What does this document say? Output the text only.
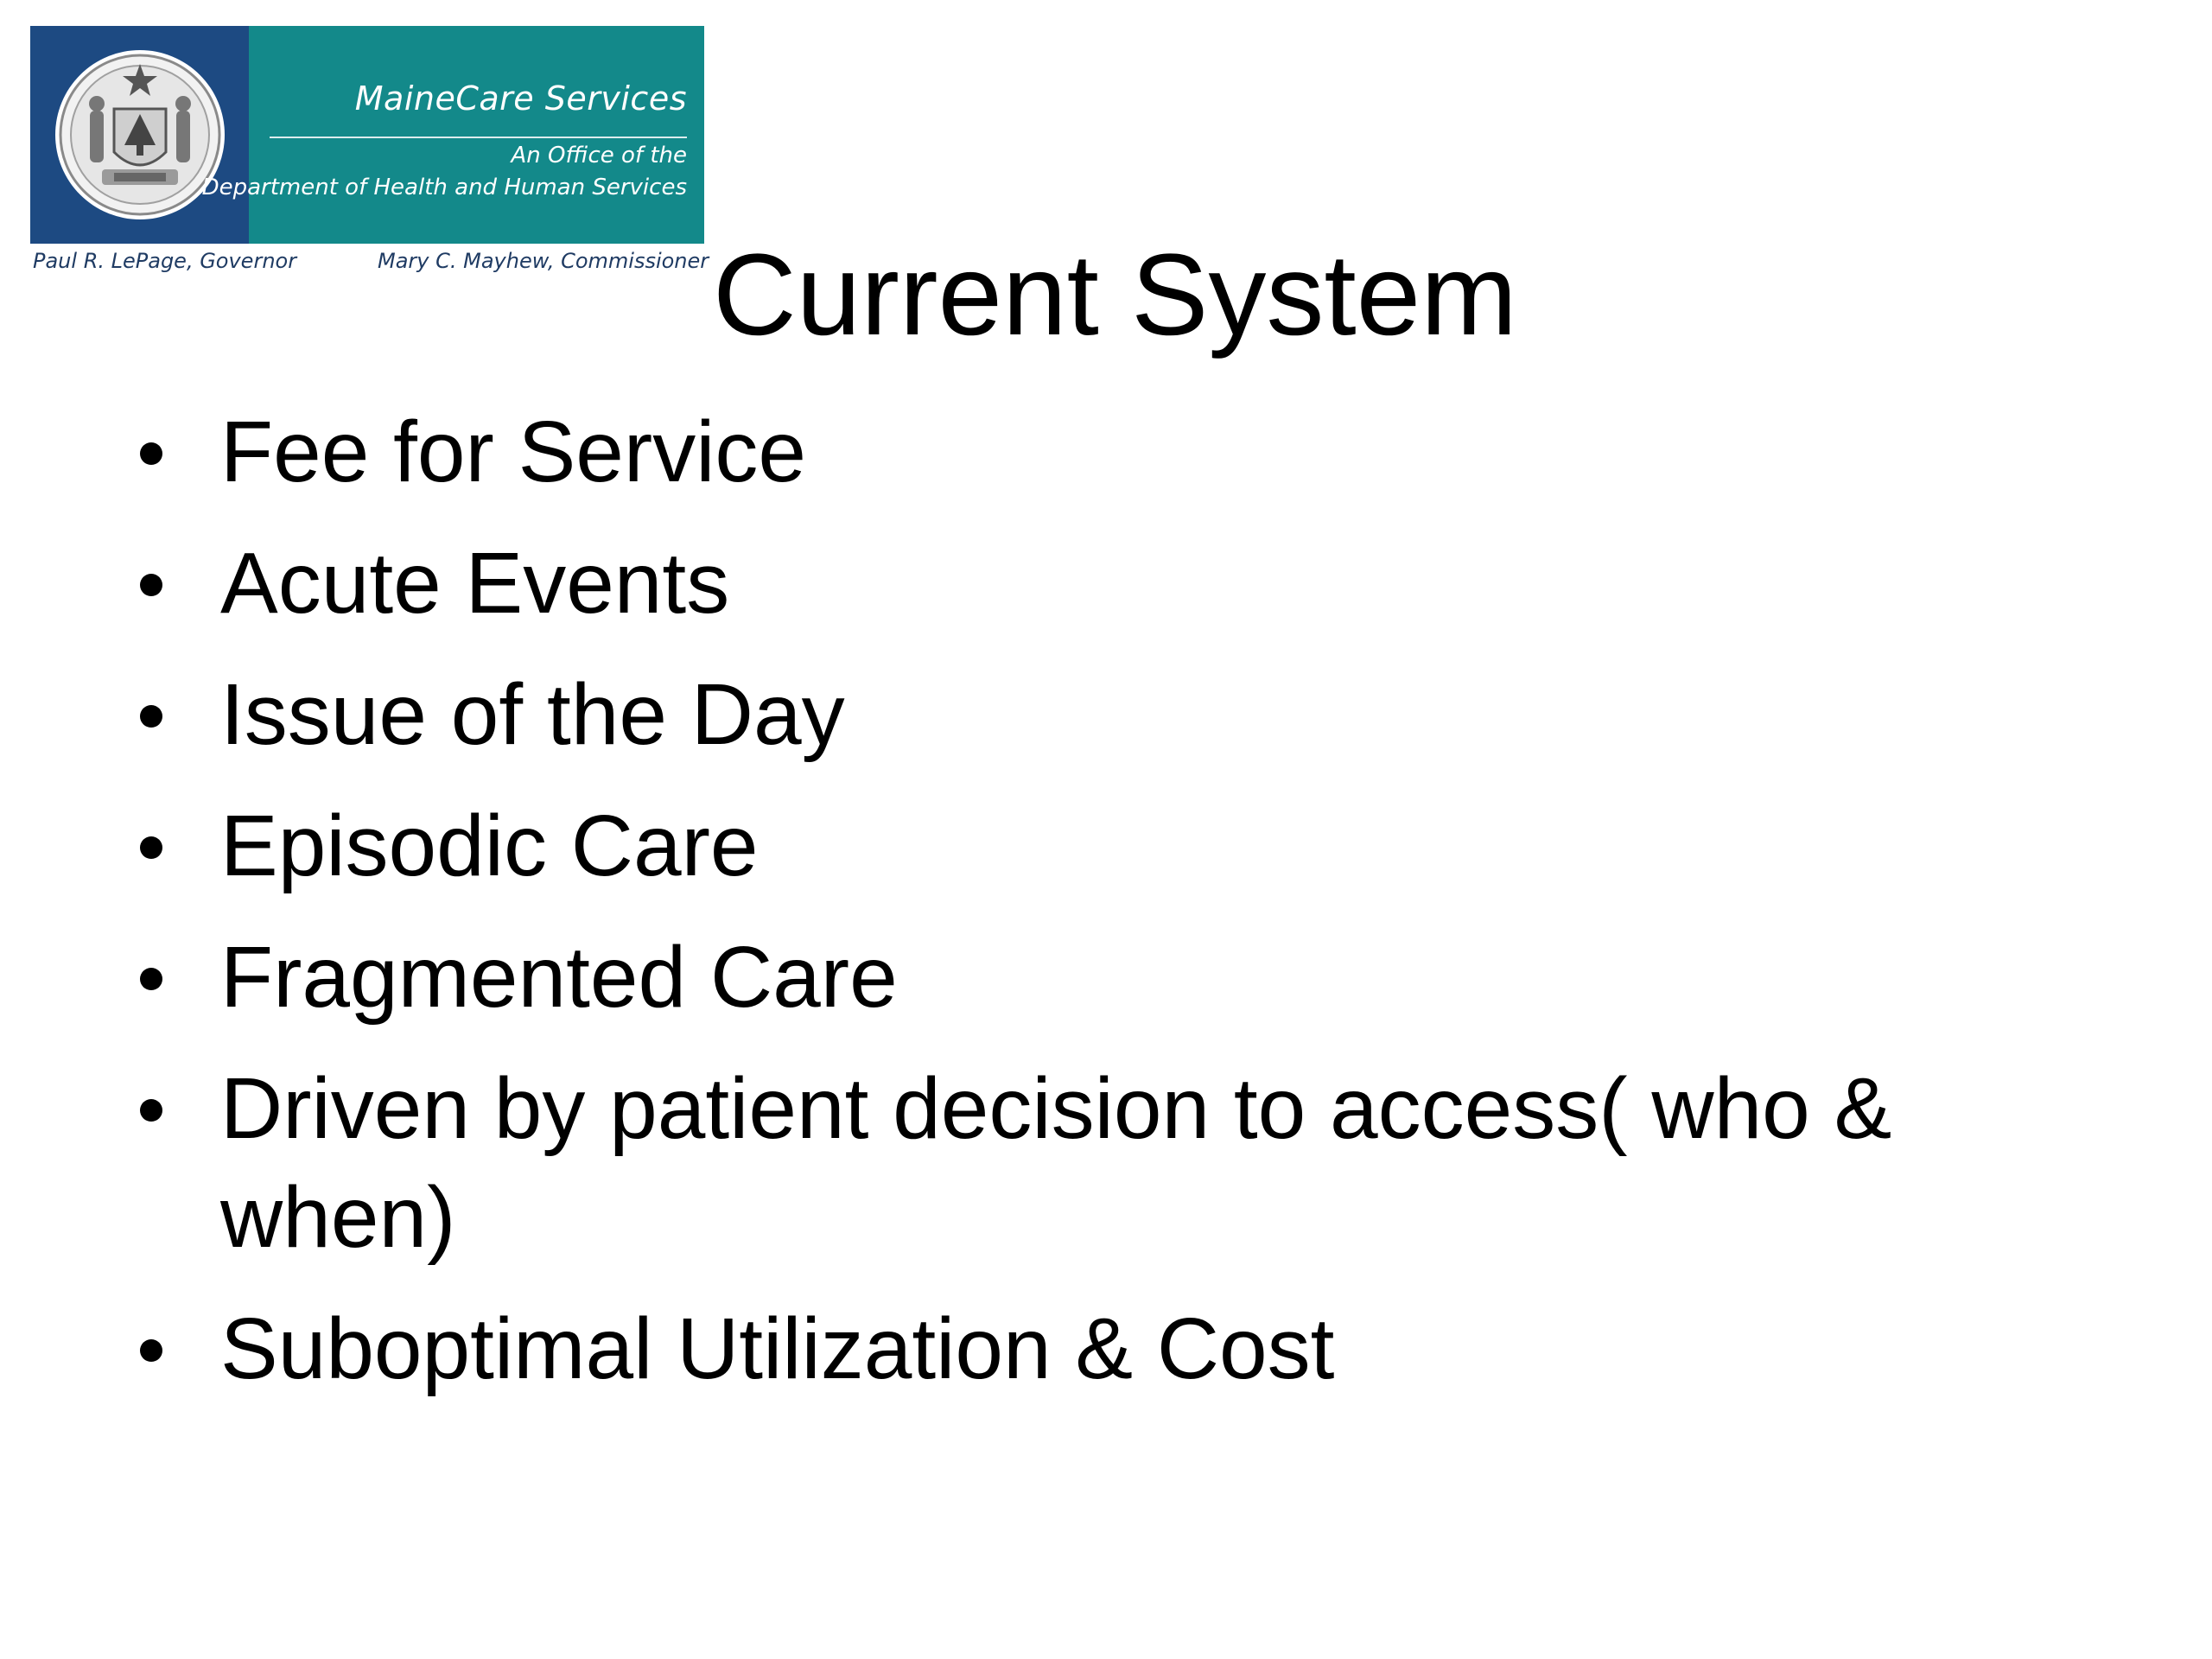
MaineCare Services
An Office of the
Department of Health and Human Services
Paul R. LePage, Governor	Mary C. Mayhew, Commissioner Current System
Fee for Service
Acute Events
Issue of the Day
Episodic Care
Fragmented Care
Driven by patient decision to access( who & when)
Suboptimal Utilization & Cost
